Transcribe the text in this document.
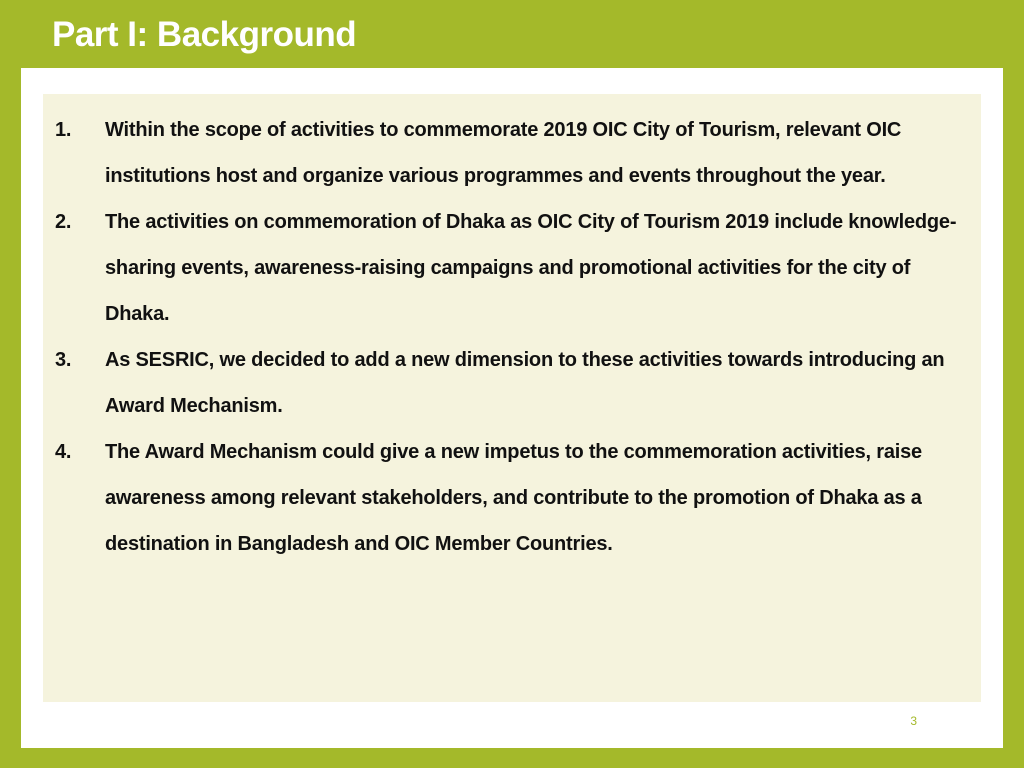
Part I: Background
1. Within the scope of activities to commemorate 2019 OIC City of Tourism, relevant OIC institutions host and organize various programmes and events throughout the year.
2. The activities on commemoration of Dhaka as OIC City of Tourism 2019 include knowledge-sharing events, awareness-raising campaigns and promotional activities for the city of Dhaka.
3. As SESRIC, we decided to add a new dimension to these activities towards introducing an Award Mechanism.
4. The Award Mechanism could give a new impetus to the commemoration activities, raise awareness among relevant stakeholders, and contribute to the promotion of Dhaka as a destination in Bangladesh and OIC Member Countries.
3
